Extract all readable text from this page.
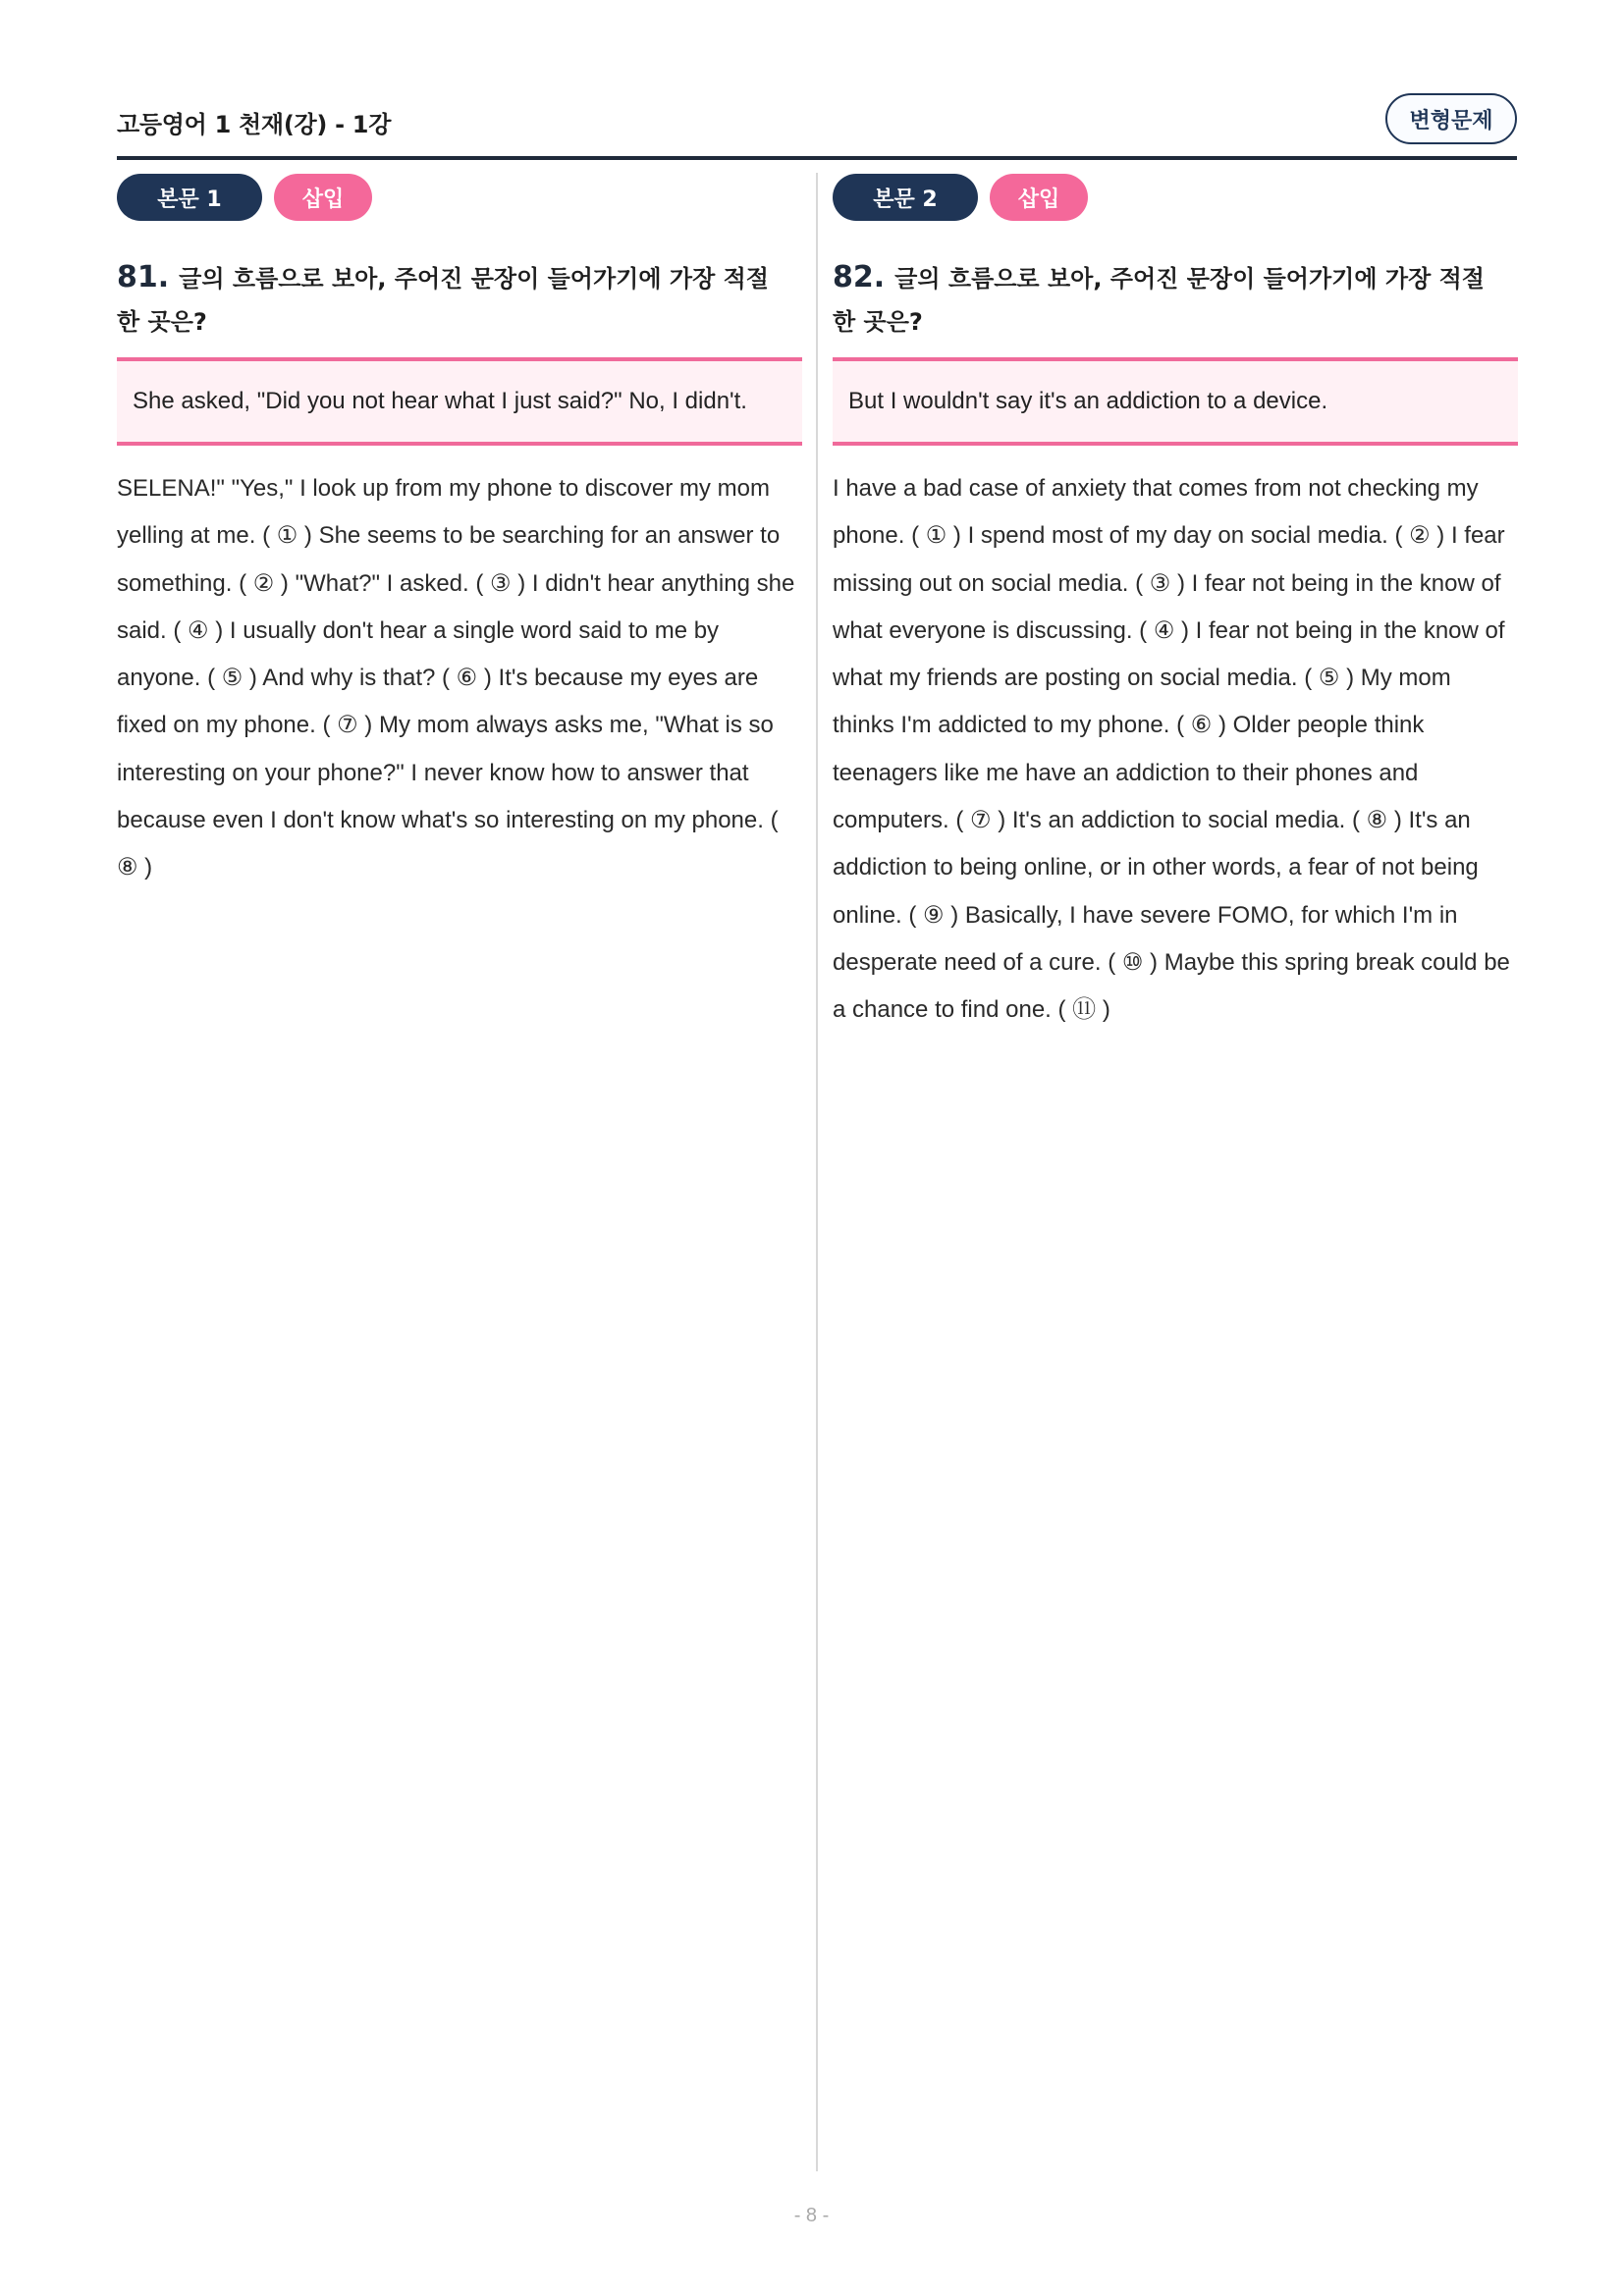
고등영어 1 천재(강) - 1강	변형문제
본문 1	삽입
81. 글의 흐름으로 보아, 주어진 문장이 들어가기에 가장 적절한 곳은?
She asked, "Did you not hear what I just said?" No, I didn't.
SELENA!" "Yes," I look up from my phone to discover my mom yelling at me. ( ① ) She seems to be searching for an answer to something. ( ② ) "What?" I asked. ( ③ ) I didn't hear anything she said. ( ④ ) I usually don't hear a single word said to me by anyone. ( ⑤ ) And why is that? ( ⑥ ) It's because my eyes are fixed on my phone. ( ⑦ ) My mom always asks me, "What is so interesting on your phone?" I never know how to answer that because even I don't know what's so interesting on my phone. ( ⑧ )
본문 2	삽입
82. 글의 흐름으로 보아, 주어진 문장이 들어가기에 가장 적절한 곳은?
But I wouldn't say it's an addiction to a device.
I have a bad case of anxiety that comes from not checking my phone. ( ① ) I spend most of my day on social media. ( ② ) I fear missing out on social media. ( ③ ) I fear not being in the know of what everyone is discussing. ( ④ ) I fear not being in the know of what my friends are posting on social media. ( ⑤ ) My mom thinks I'm addicted to my phone. ( ⑥ ) Older people think teenagers like me have an addiction to their phones and computers. ( ⑦ ) It's an addiction to social media. ( ⑧ ) It's an addiction to being online, or in other words, a fear of not being online. ( ⑨ ) Basically, I have severe FOMO, for which I'm in desperate need of a cure. ( ⑩ ) Maybe this spring break could be a chance to find one. ( ⑪ )
- 8 -
